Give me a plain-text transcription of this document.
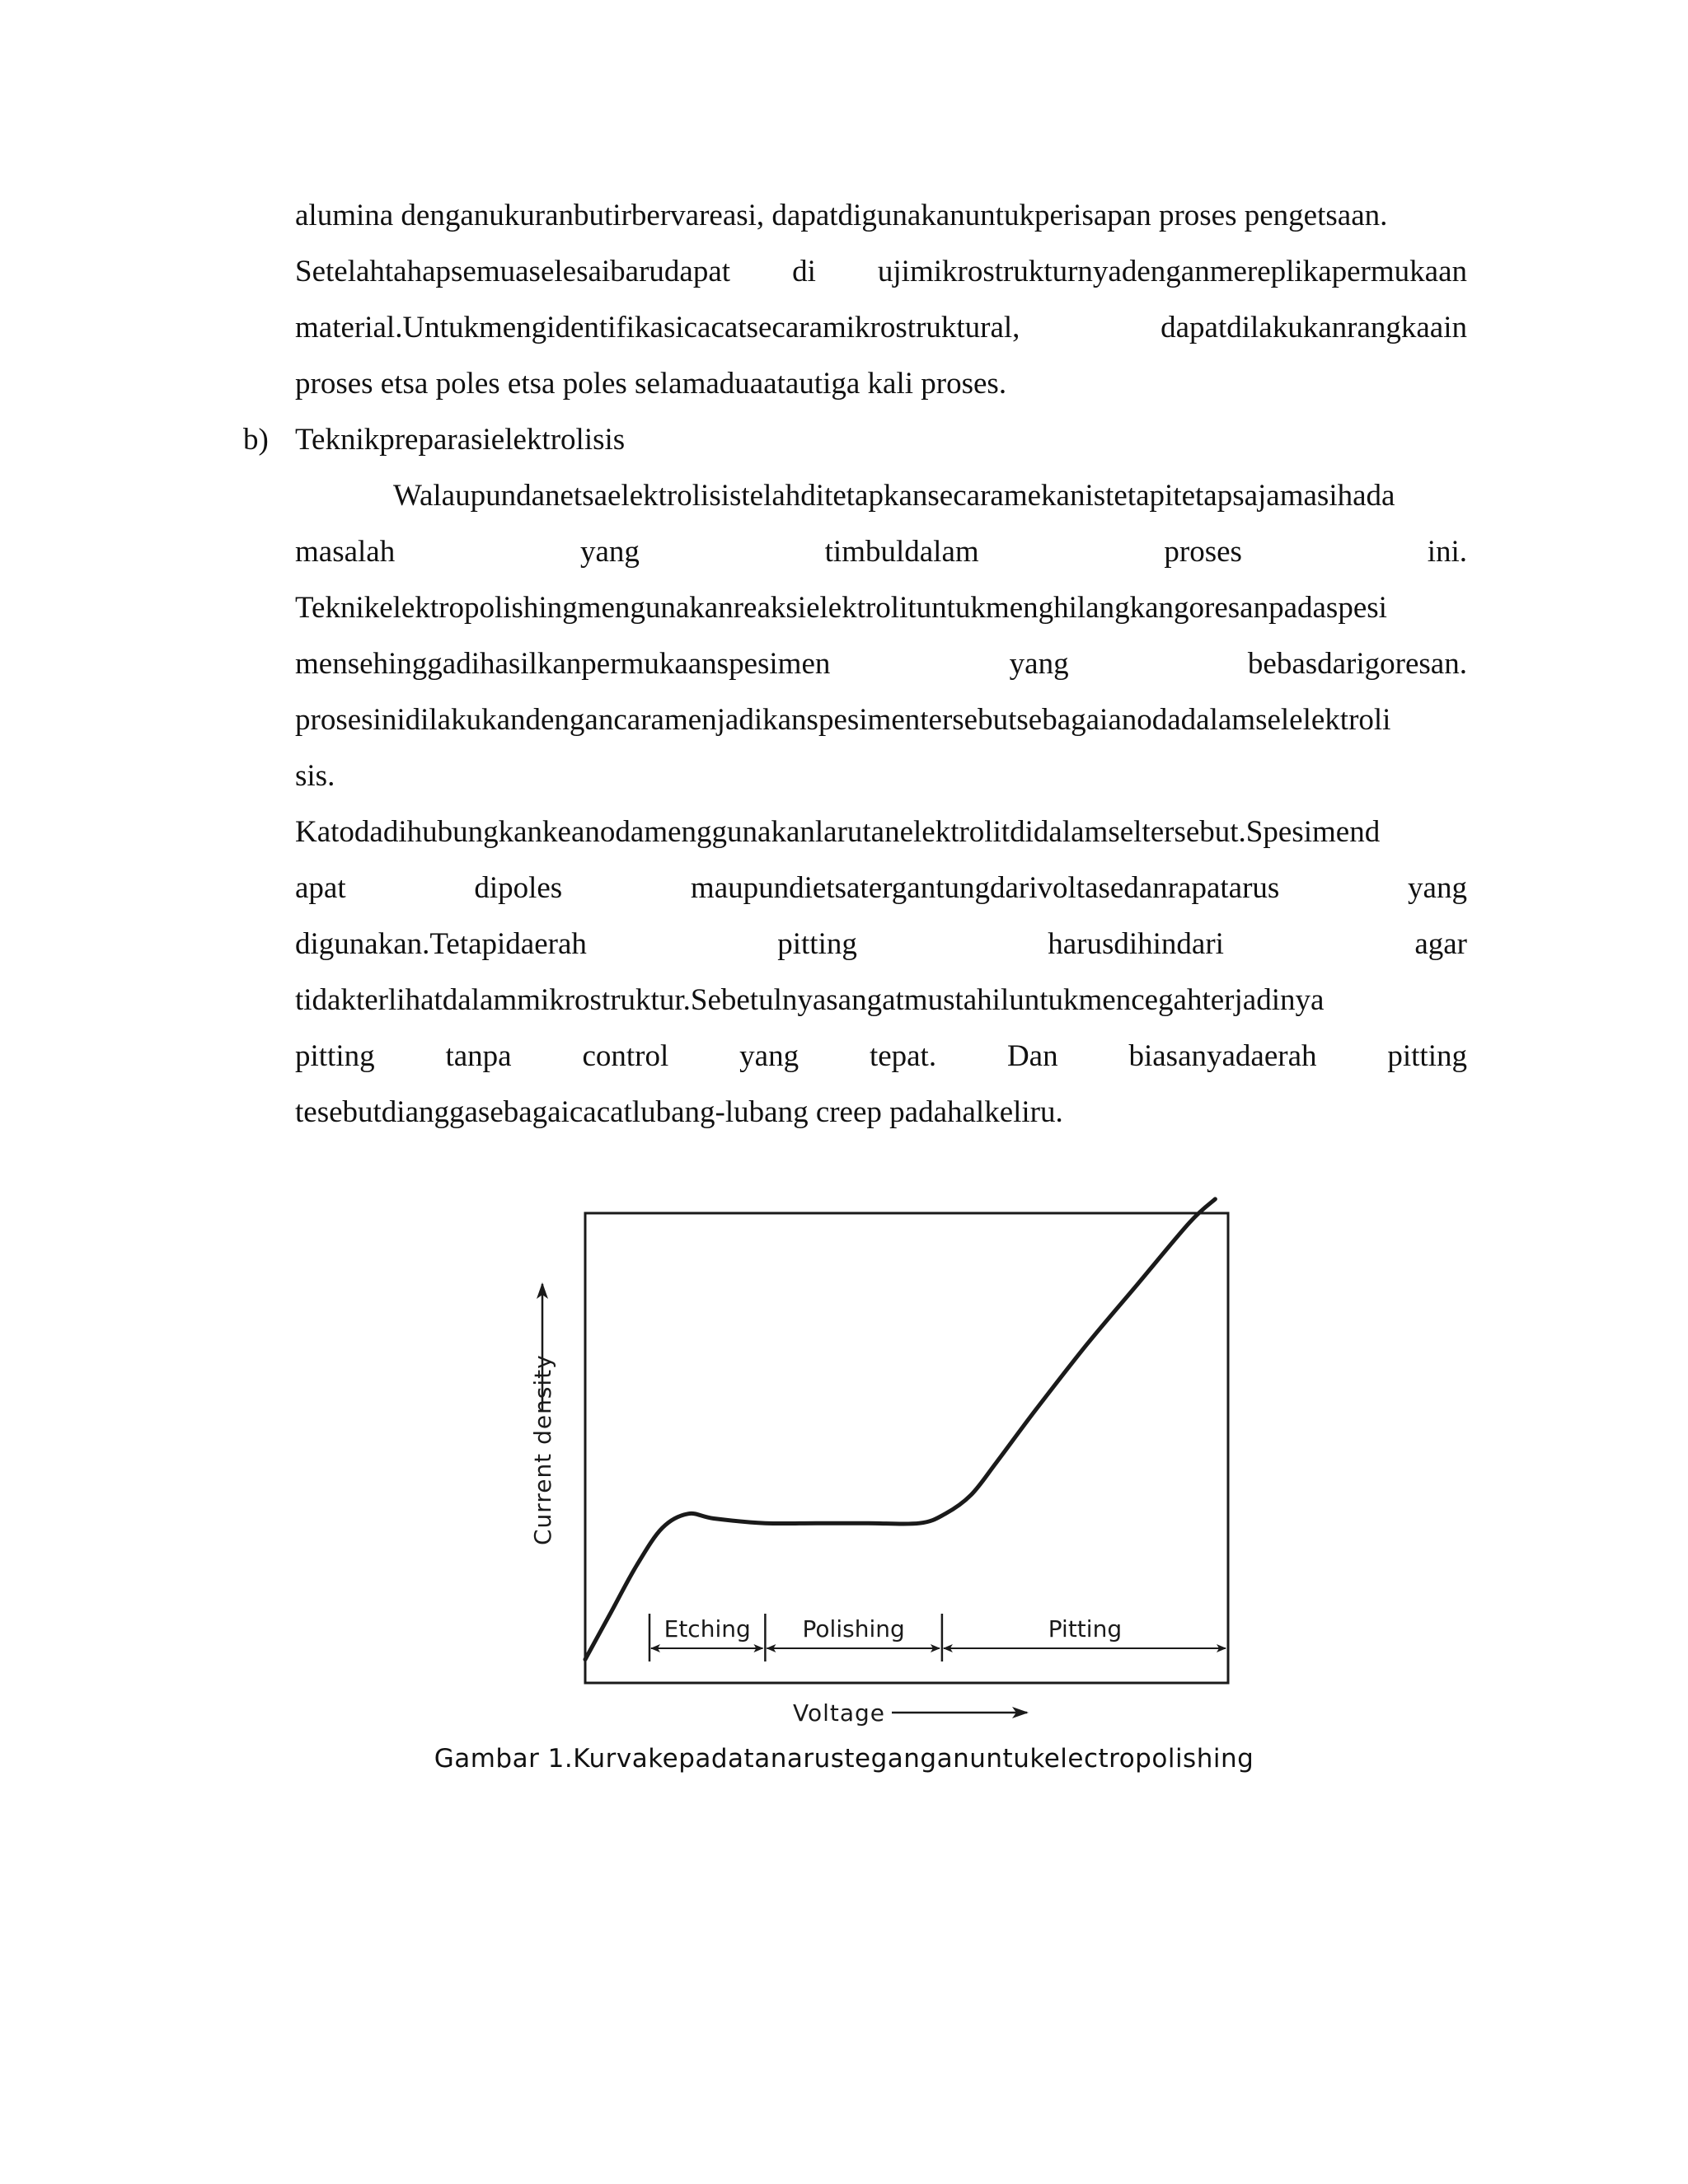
alumina denganukuranbutirbervareasi, dapatdigunakanuntukperisapan proses pengetsaan.
Setelahtahapsemuaselesaibarudapat di ujimikrostrukturnyadenganmereplikapermukaan
material.Untukmengidentifikasicacatsecaramikrostruktural,	dapatdilakukanrangkaain
proses etsa poles etsa poles selamaduaatautiga kali proses.
b) Teknikpreparasielektrolisis
Walaupundanetsaelektrolisistelahditetapkansecaramekanistetapitetapsajamasihada
masalah	yang	timbuldalam	proses	ini.
Teknikelektropolishingmengunakanreaksielektrolituntukmenghilangkangoresanpadaspesi
mensehinggadihasilkanpermukaanspesimen	yang	bebasdarigoresan.
prosesinidilakukandengancaramenjadikanspesimentersebutsebagaianodadalamselelektroli
sis.
Katodadihubungkankeanodamenggunakanlarutanelektrolitdidalamseltersebut.Spesimend
apat	dipoles	maupundietsatergantungdarivoltasedanrapatarus	yang
digunakan.Tetapidaerah	pitting	harusdihindari	agar
tidakterlihatdalammikrostruktur.Sebetulnyasangatmustahiluntukmencegahterjadinya
pitting tanpa control yang tepat. Dan biasanyadaerah pitting
tesebutdianggasebagaicacatlubang-lubang creep padahalkeliru.
Etching Polishing	Pitting
Current density
Voltage
Gambar 1.Kurvakepadatanarusteganganuntukelectropolishing
